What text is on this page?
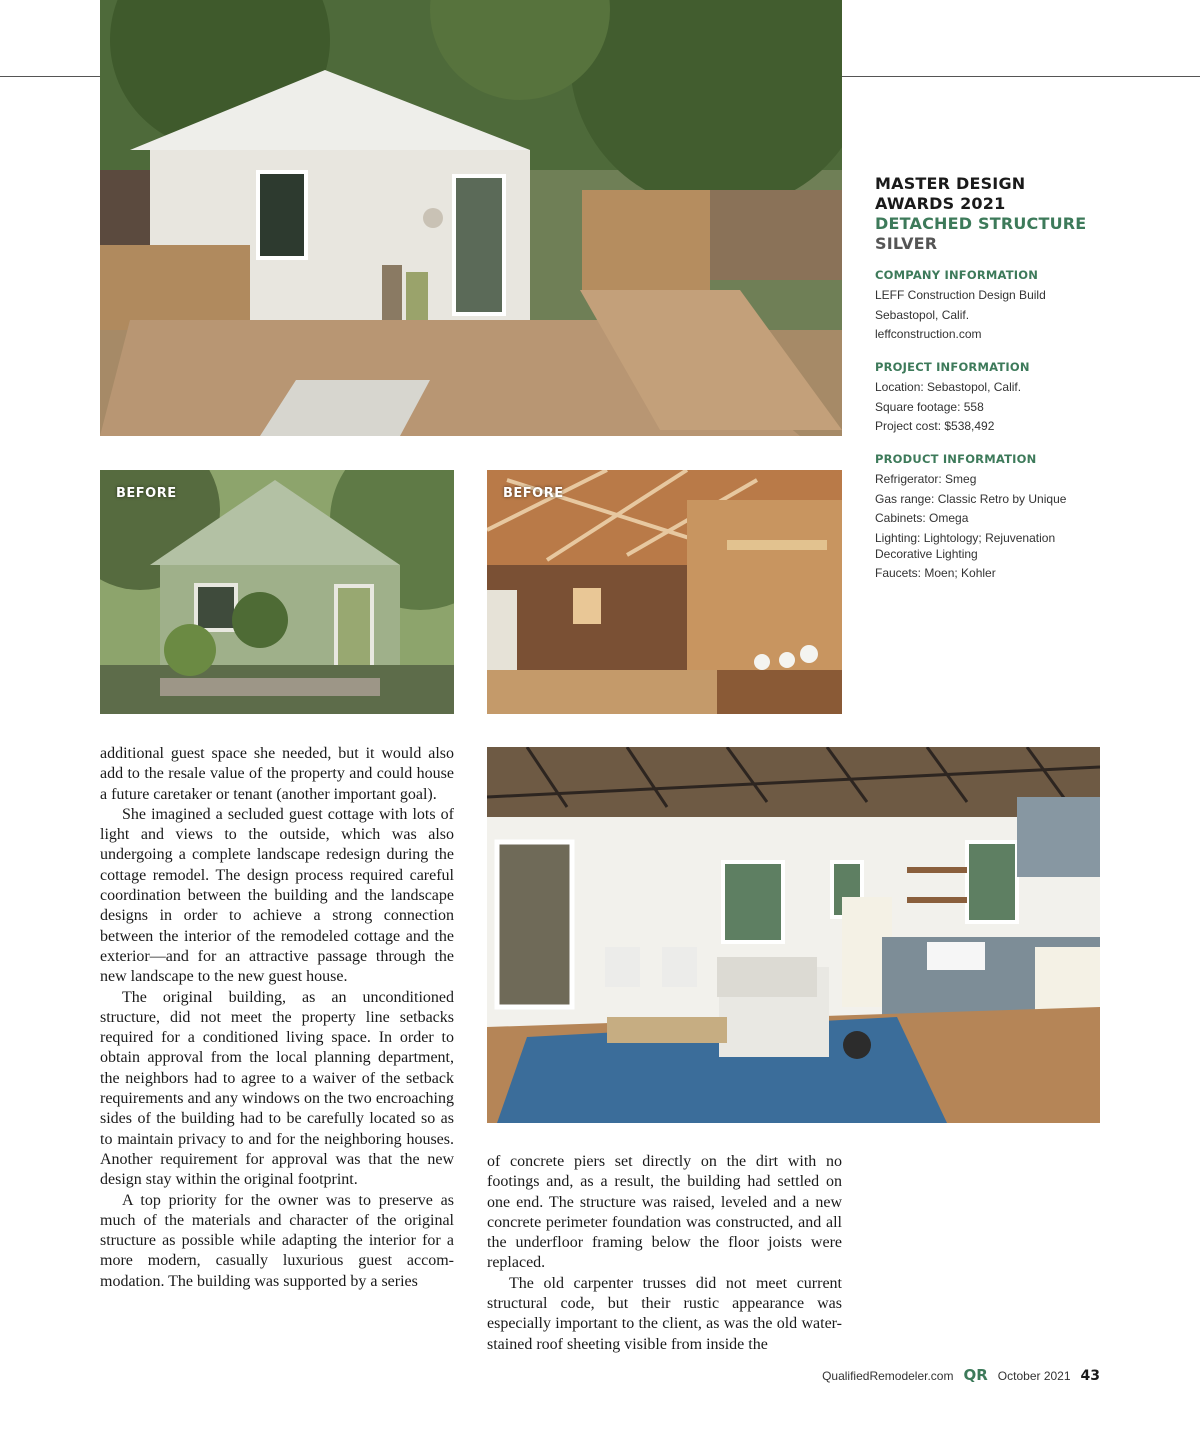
BEFORE	BEFORE
MASTER DESIGN
AWARDS 2021
DETACHED STRUCTURE
SILVER
COMPANY INFORMATION
LEFF Construction Design Build
Sebastopol, Calif.
leffconstruction.com
PROJECT INFORMATION
Location: Sebastopol, Calif.
Square footage: 558
Project cost: $538,492
PRODUCT INFORMATION
Refrigerator: Smeg
Gas range: Classic Retro by Unique
Cabinets: Omega
Lighting: Lightology; Rejuvenation Decorative Lighting
Faucets: Moen; Kohler

additional guest space she needed, but it would also add to the resale value of the property and could house a future caretaker or tenant (another important goal).

She imagined a secluded guest cottage with lots of light and views to the outside, which was also undergoing a complete landscape redesign during the cottage remodel. The design process required careful coordination between the building and the landscape designs in order to achieve a strong connection between the interior of the remodeled cottage and the exterior—and for an attractive passage through the new landscape to the new guest house.

The original building, as an unconditioned structure, did not meet the property line setbacks required for a conditioned living space. In order to obtain approval from the local planning department, the neighbors had to agree to a waiver of the setback requirements and any windows on the two encroaching sides of the building had to be carefully located so as to maintain privacy to and for the neighboring houses. Another requirement for approval was that the new design stay within the original footprint.

A top priority for the owner was to preserve as much of the materials and character of the original structure as possible while adapting the interior for a more modern, casually luxurious guest accommodation. The building was supported by a series

of concrete piers set directly on the dirt with no footings and, as a result, the building had settled on one end. The structure was raised, leveled and a new concrete perimeter foundation was constructed, and all the underfloor framing below the floor joists were replaced.

The old carpenter trusses did not meet current structural code, but their rustic appearance was especially important to the client, as was the old water-stained roof sheeting visible from inside the

QualifiedRemodeler.com QR October 2021 43
